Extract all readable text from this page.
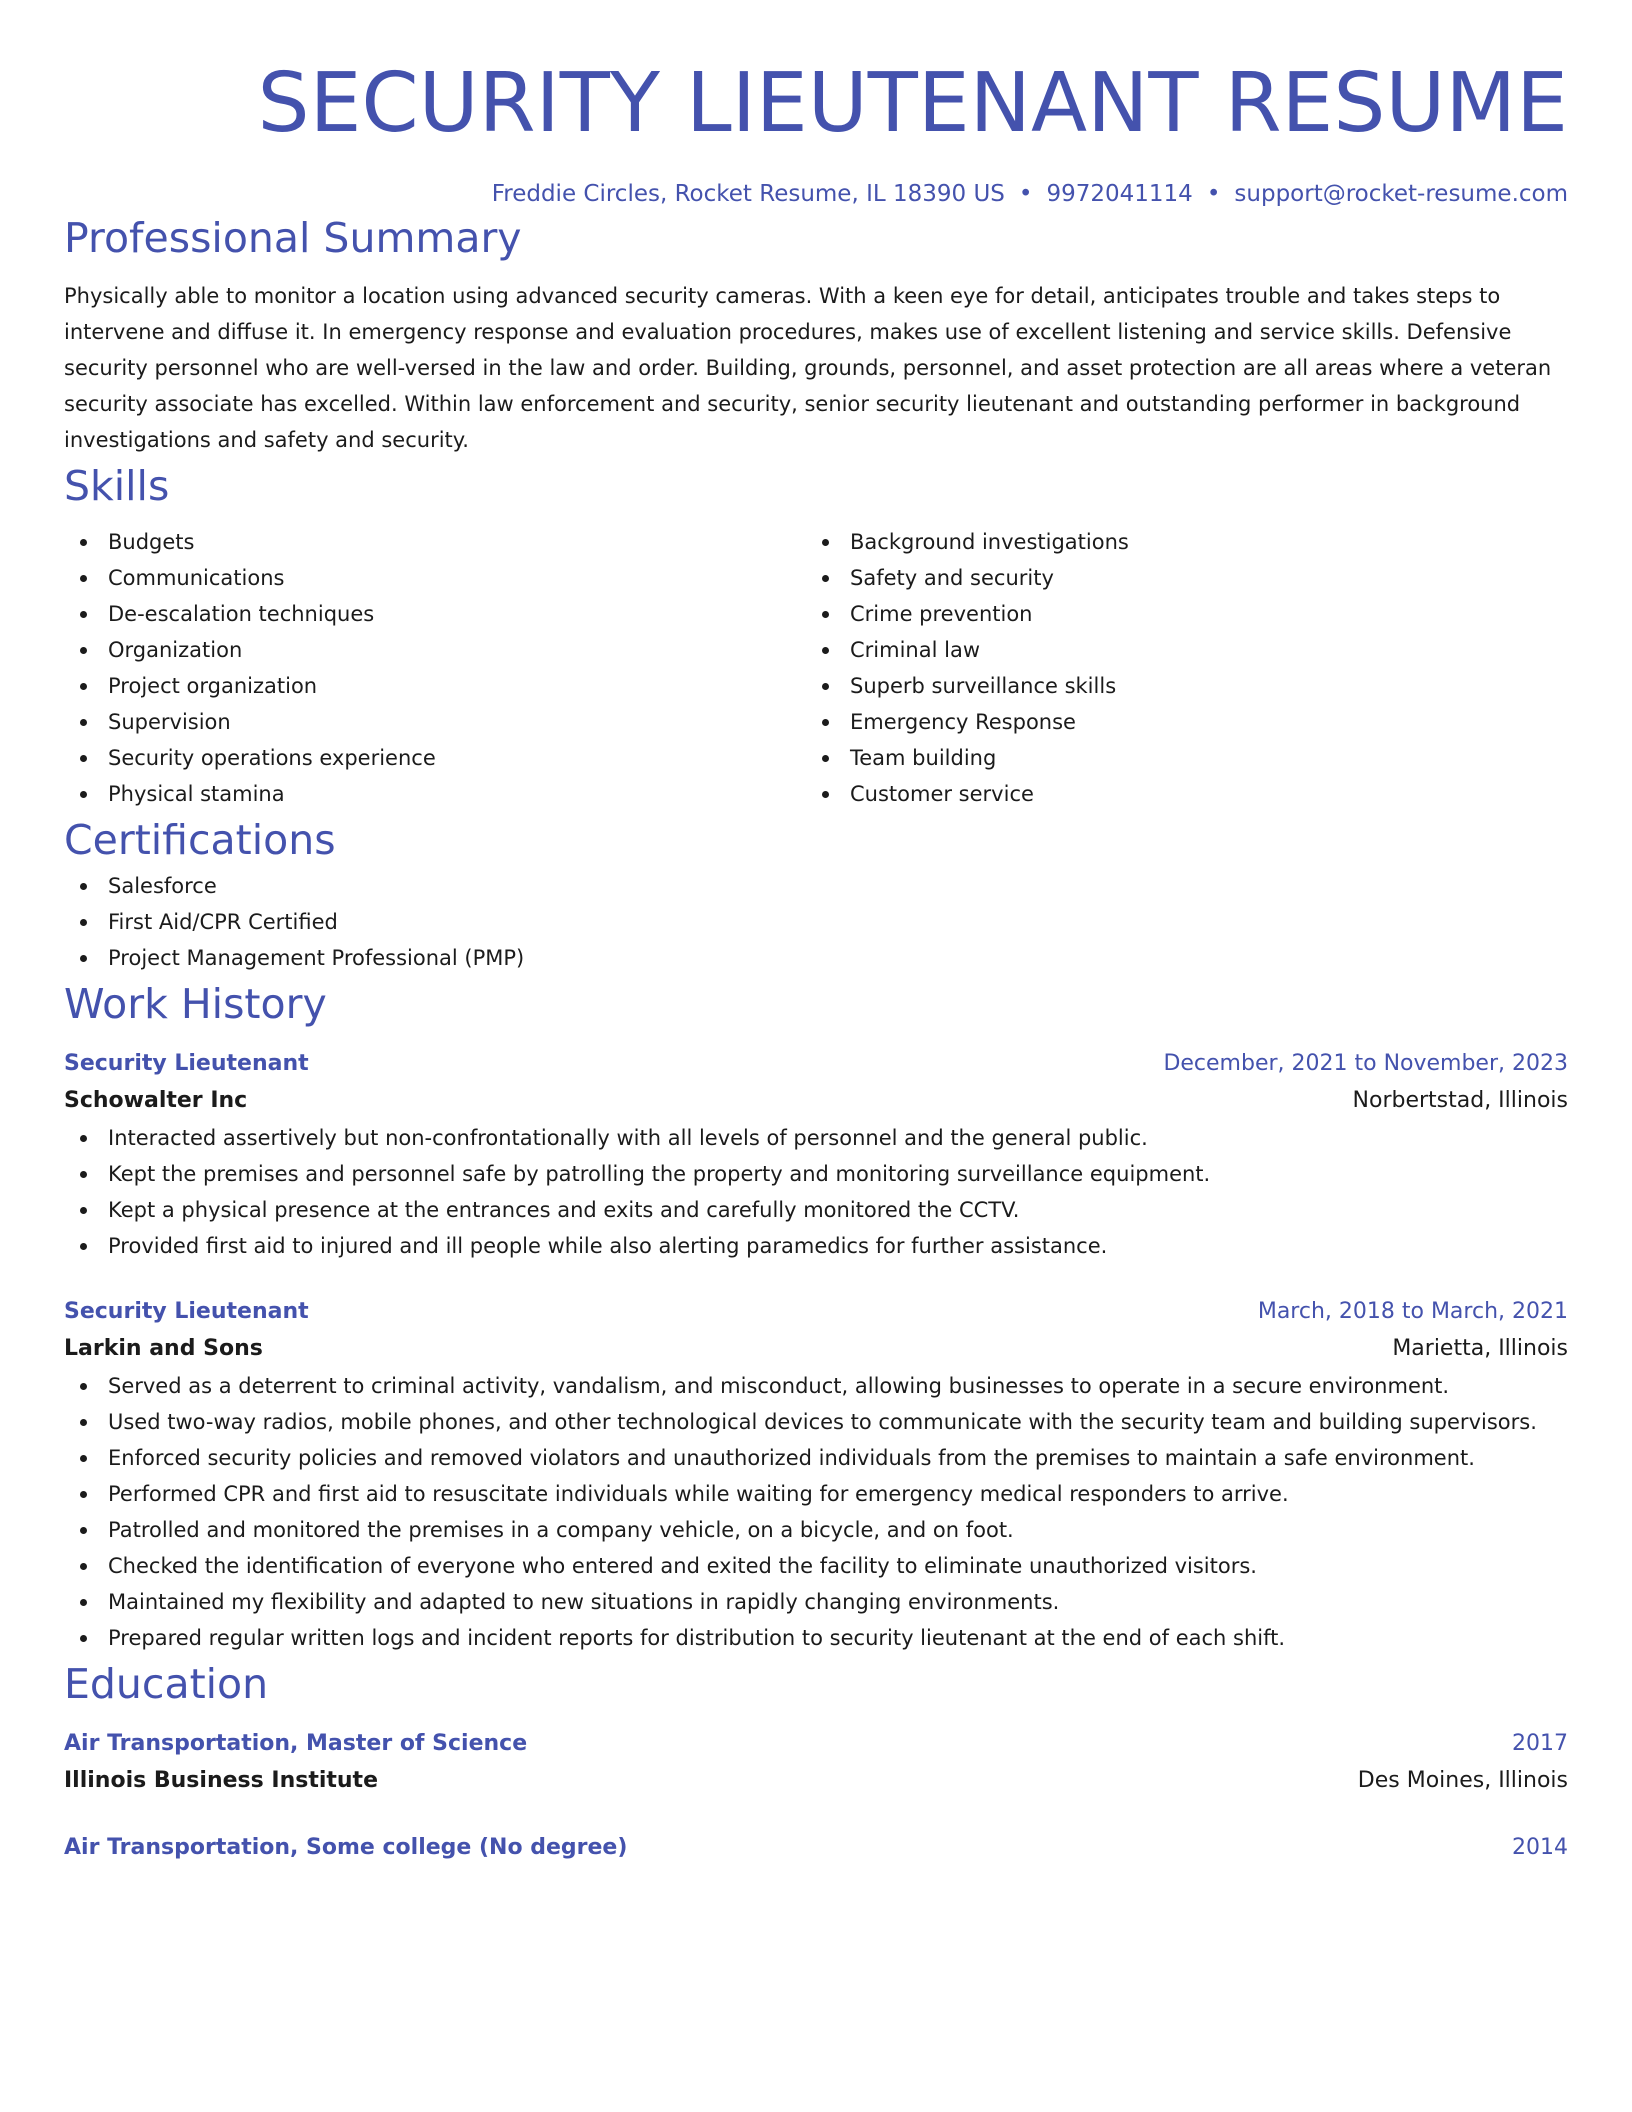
SECURITY LIEUTENANT RESUME
Freddie Circles, Rocket Resume, IL 18390 US • 9972041114 • support@rocket-resume.com
Professional Summary

Physically able to monitor a location using advanced security cameras. With a keen eye for detail, anticipates trouble and takes steps to intervene and diffuse it. In emergency response and evaluation procedures, makes use of excellent listening and service skills. Defensive security personnel who are well-versed in the law and order. Building, grounds, personnel, and asset protection are all areas where a veteran security associate has excelled. Within law enforcement and security, senior security lieutenant and outstanding performer in background investigations and safety and security.

Skills
Budgets
Communications
De-escalation techniques
Organization
Project organization
Supervision
Security operations experience
Physical stamina
Background investigations
Safety and security
Crime prevention
Criminal law
Superb surveillance skills
Emergency Response
Team building
Customer service
Certifications
Salesforce
First Aid/CPR Certified
Project Management Professional (PMP)
Work History
Security Lieutenant	December, 2021 to November, 2023
Schowalter Inc	Norbertstad, Illinois
Interacted assertively but non-confrontationally with all levels of personnel and the general public.
Kept the premises and personnel safe by patrolling the property and monitoring surveillance equipment.
Kept a physical presence at the entrances and exits and carefully monitored the CCTV.
Provided first aid to injured and ill people while also alerting paramedics for further assistance.
Security Lieutenant	March, 2018 to March, 2021
Larkin and Sons	Marietta, Illinois
Served as a deterrent to criminal activity, vandalism, and misconduct, allowing businesses to operate in a secure environment.
Used two-way radios, mobile phones, and other technological devices to communicate with the security team and building supervisors.
Enforced security policies and removed violators and unauthorized individuals from the premises to maintain a safe environment.
Performed CPR and first aid to resuscitate individuals while waiting for emergency medical responders to arrive.
Patrolled and monitored the premises in a company vehicle, on a bicycle, and on foot.
Checked the identification of everyone who entered and exited the facility to eliminate unauthorized visitors.
Maintained my flexibility and adapted to new situations in rapidly changing environments.
Prepared regular written logs and incident reports for distribution to security lieutenant at the end of each shift.
Education
Air Transportation, Master of Science	2017
Illinois Business Institute	Des Moines, Illinois
Air Transportation, Some college (No degree)	2014
